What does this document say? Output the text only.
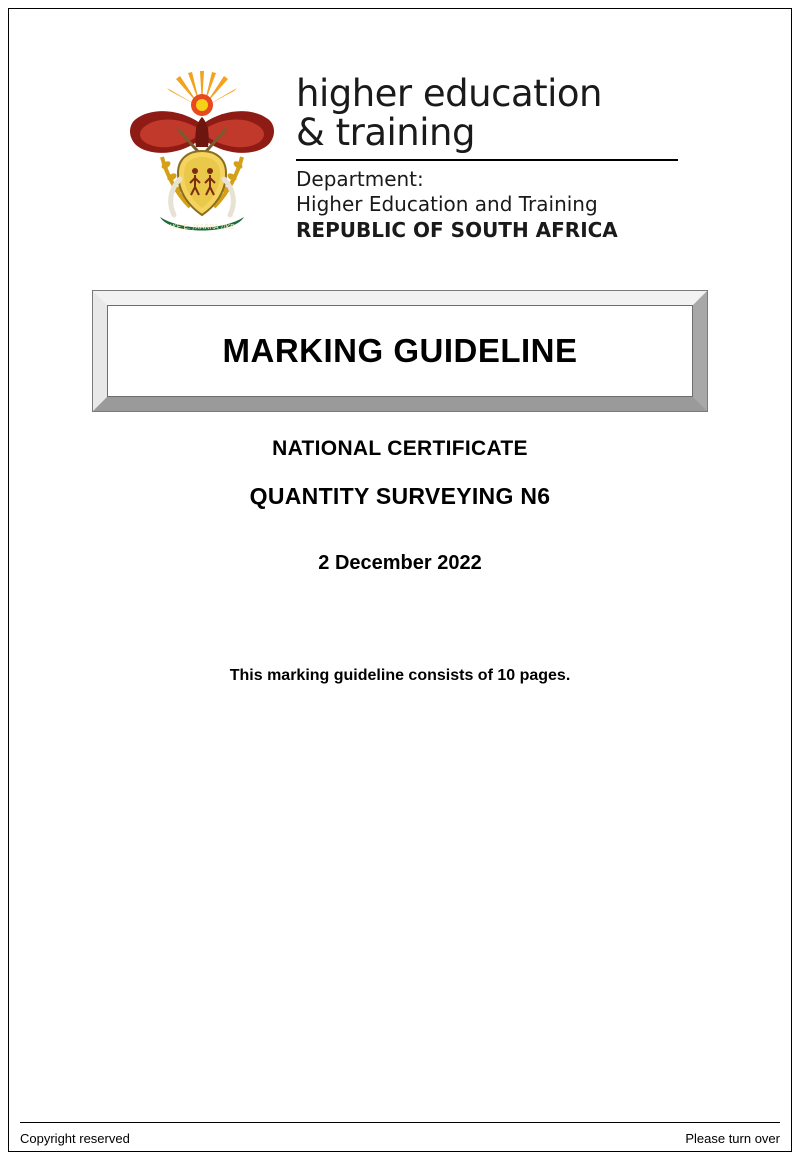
!KE E: /XARRA //KE
higher education
& training
Department:
Higher Education and Training
REPUBLIC OF SOUTH AFRICA
MARKING GUIDELINE
NATIONAL CERTIFICATE
QUANTITY SURVEYING N6
2 December 2022
This marking guideline consists of 10 pages.
Copyright reserved	Please turn over
